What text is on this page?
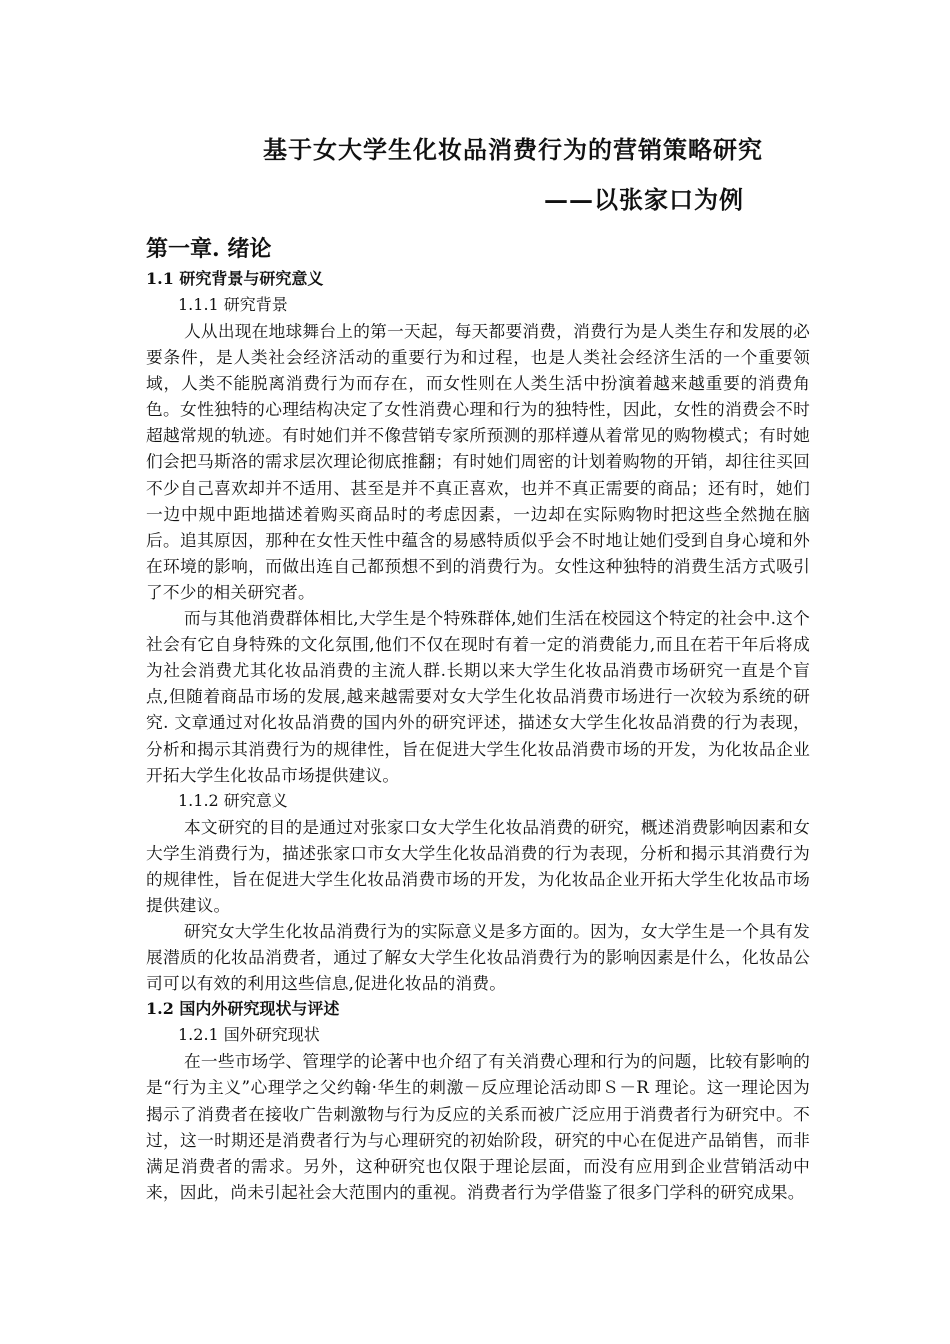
基于女大学生化妆品消费行为的营销策略研究

——以张家口为例

第一章. 绪论
1.1 研究背景与研究意义

1.1.1 研究背景

人从出现在地球舞台上的第一天起，每天都要消费，消费行为是人类生存和发展的必要条件，是人类社会经济活动的重要行为和过程，也是人类社会经济生活的一个重要领域，人类不能脱离消费行为而存在，而女性则在人类生活中扮演着越来越重要的消费角色。女性独特的心理结构决定了女性消费心理和行为的独特性，因此，女性的消费会不时超越常规的轨迹。有时她们并不像营销专家所预测的那样遵从着常见的购物模式；有时她们会把马斯洛的需求层次理论彻底推翻；有时她们周密的计划着购物的开销，却往往买回不少自己喜欢却并不适用、甚至是并不真正喜欢，也并不真正需要的商品；还有时，她们一边中规中距地描述着购买商品时的考虑因素，一边却在实际购物时把这些全然抛在脑后。追其原因，那种在女性天性中蕴含的易感特质似乎会不时地让她们受到自身心境和外在环境的影响，而做出连自己都预想不到的消费行为。女性这种独特的消费生活方式吸引了不少的相关研究者。

而与其他消费群体相比,大学生是个特殊群体,她们生活在校园这个特定的社会中.这个社会有它自身特殊的文化氛围,他们不仅在现时有着一定的消费能力,而且在若干年后将成为社会消费尤其化妆品消费的主流人群.长期以来大学生化妆品消费市场研究一直是个盲点,但随着商品市场的发展,越来越需要对女大学生化妆品消费市场进行一次较为系统的研究. 文章通过对化妆品消费的国内外的研究评述，描述女大学生化妆品消费的行为表现，分析和揭示其消费行为的规律性，旨在促进大学生化妆品消费市场的开发，为化妆品企业开拓大学生化妆品市场提供建议。

1.1.2 研究意义

本文研究的目的是通过对张家口女大学生化妆品消费的研究，概述消费影响因素和女大学生消费行为，描述张家口市女大学生化妆品消费的行为表现，分析和揭示其消费行为的规律性，旨在促进大学生化妆品消费市场的开发，为化妆品企业开拓大学生化妆品市场提供建议。

研究女大学生化妆品消费行为的实际意义是多方面的。因为，女大学生是一个具有发展潜质的化妆品消费者，通过了解女大学生化妆品消费行为的影响因素是什么，化妆品公司可以有效的利用这些信息,促进化妆品的消费。

1.2 国内外研究现状与评述

1.2.1 国外研究现状

在一些市场学、管理学的论著中也介绍了有关消费心理和行为的问题，比较有影响的是“行为主义”心理学之父约翰·华生的刺激－反应理论活动即Ｓ－R 理论。这一理论因为揭示了消费者在接收广告刺激物与行为反应的关系而被广泛应用于消费者行为研究中。不过，这一时期还是消费者行为与心理研究的初始阶段，研究的中心在促进产品销售，而非满足消费者的需求。另外，这种研究也仅限于理论层面，而没有应用到企业营销活动中来，因此，尚未引起社会大范围内的重视。消费者行为学借鉴了很多门学科的研究成果。
